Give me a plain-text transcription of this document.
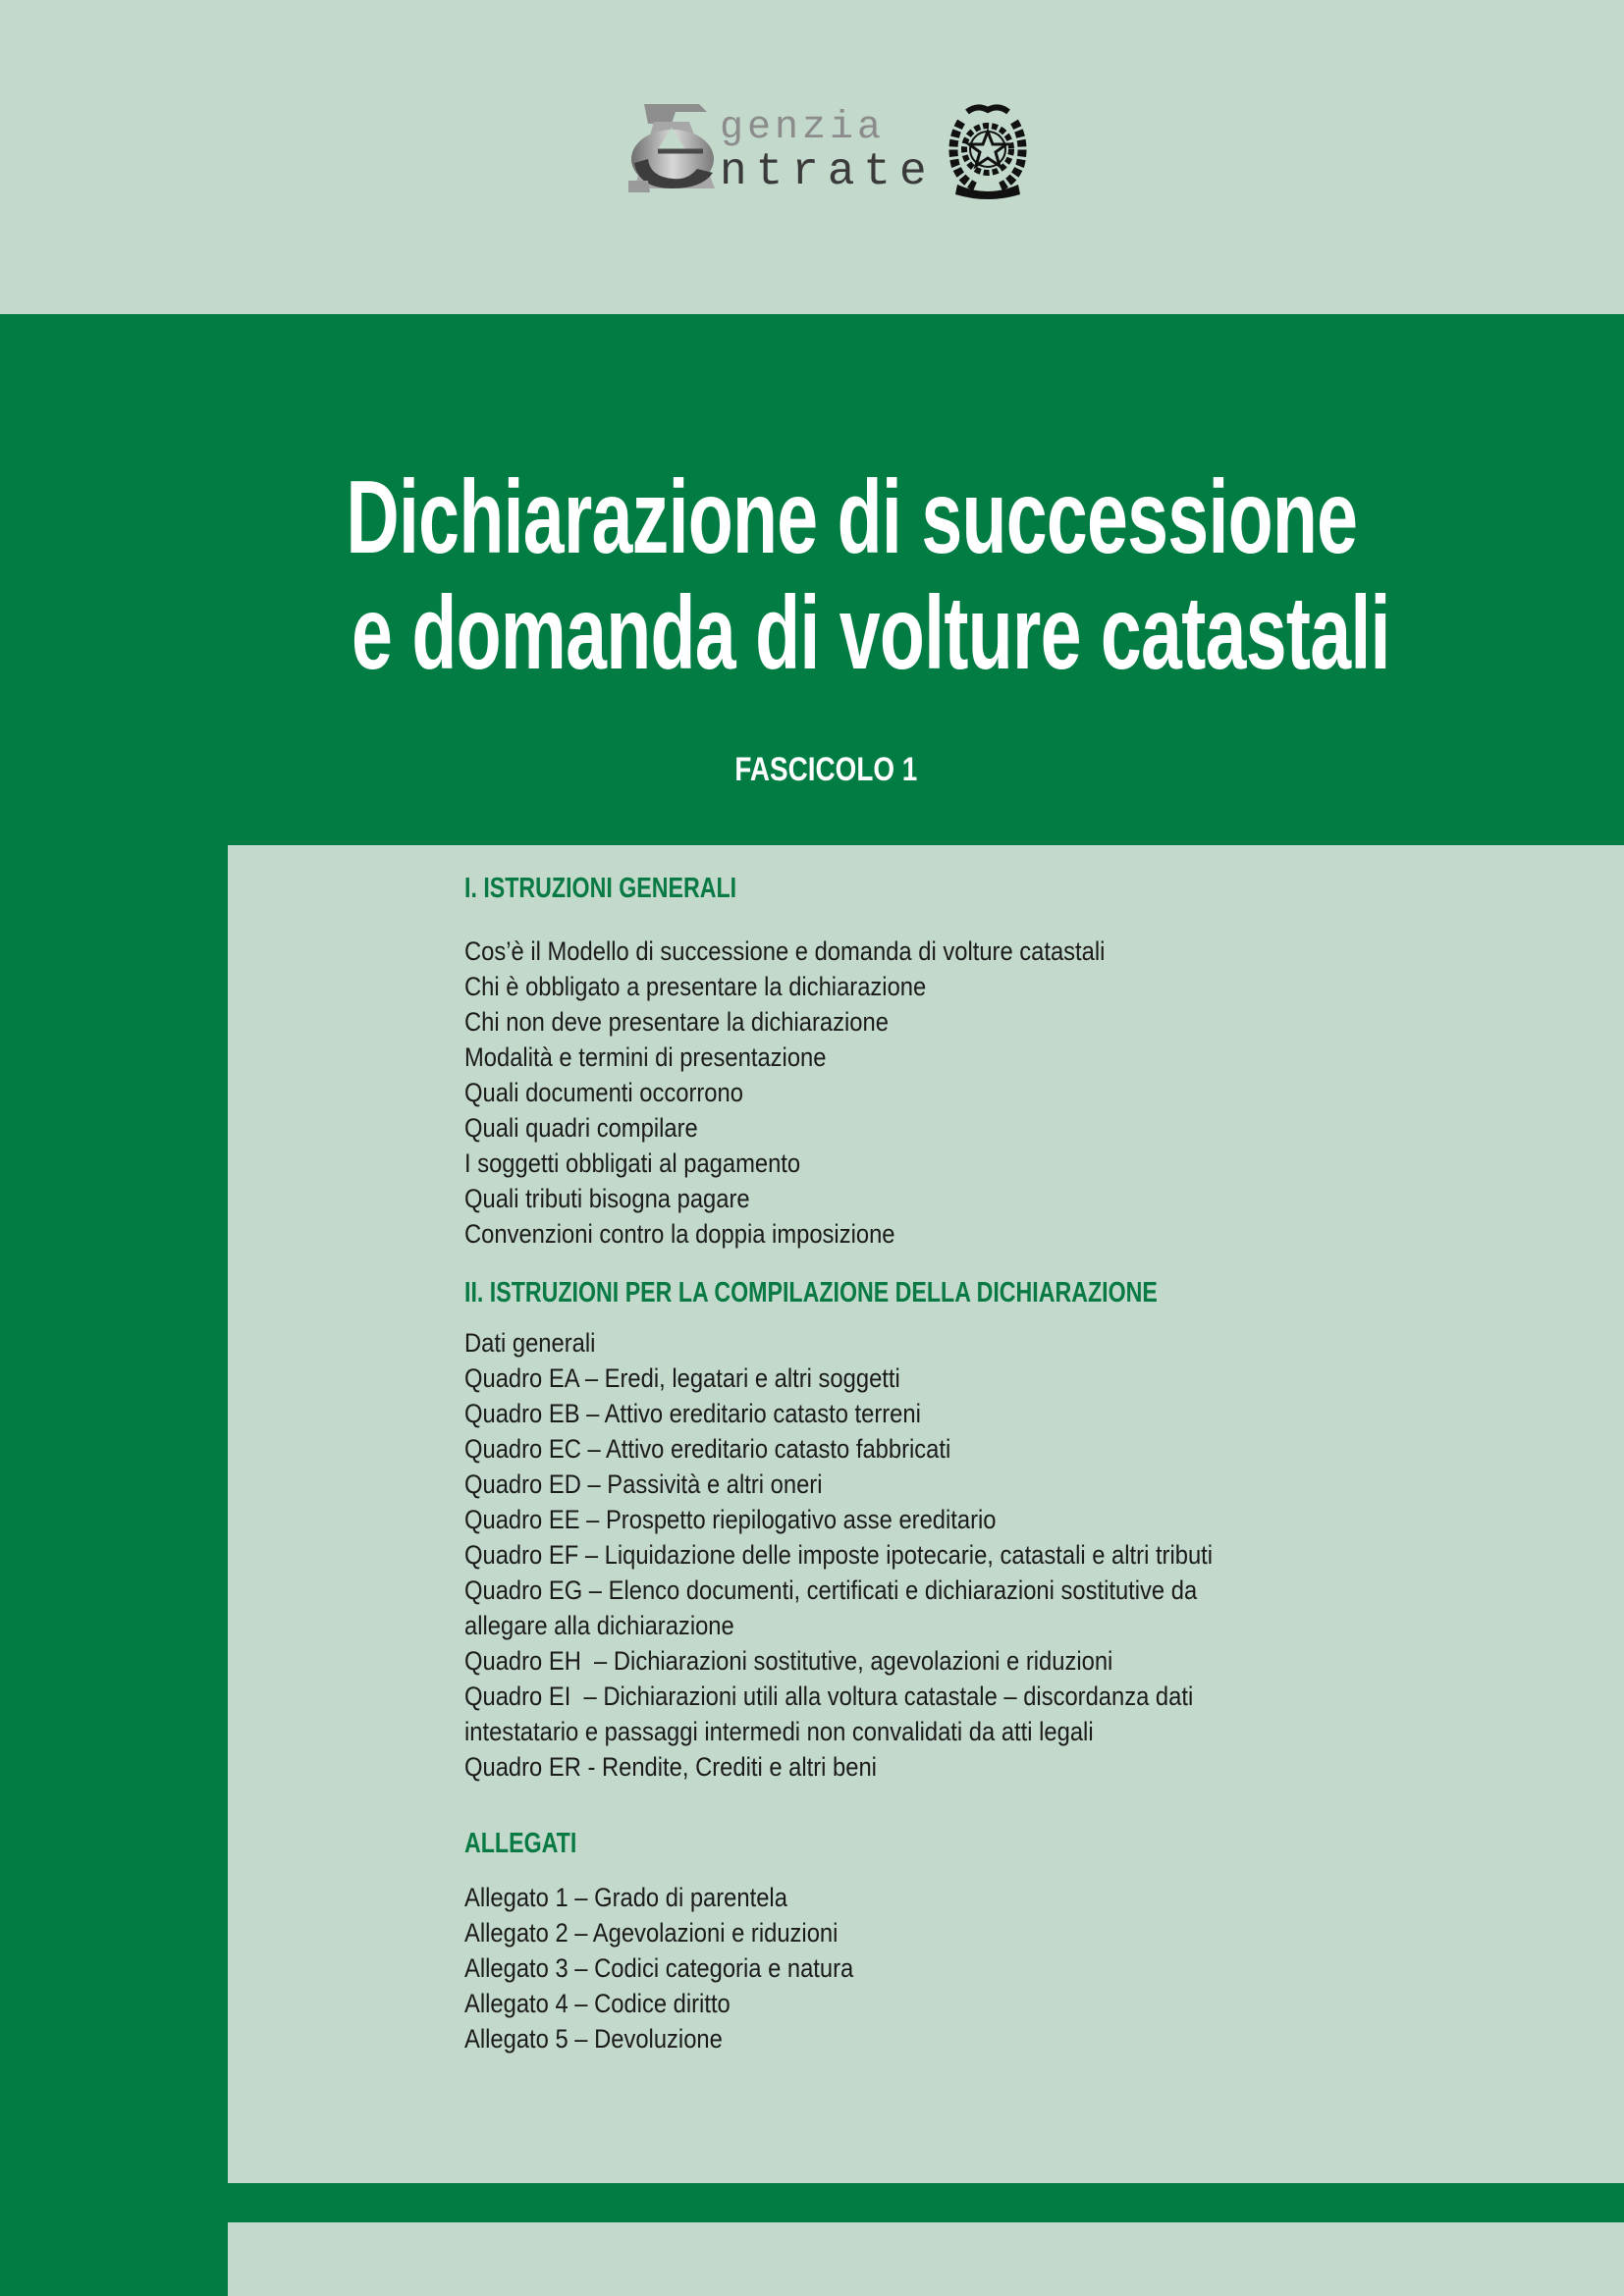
genzia
ntrate
Dichiarazione di successione
e domanda di volture catastali
FASCICOLO 1
I. ISTRUZIONI GENERALI
Cos’è il Modello di successione e domanda di volture catastali
Chi è obbligato a presentare la dichiarazione
Chi non deve presentare la dichiarazione
Modalità e termini di presentazione
Quali documenti occorrono
Quali quadri compilare
I soggetti obbligati al pagamento
Quali tributi bisogna pagare
Convenzioni contro la doppia imposizione
II. ISTRUZIONI PER LA COMPILAZIONE DELLA DICHIARAZIONE
Dati generali
Quadro EA – Eredi, legatari e altri soggetti
Quadro EB – Attivo ereditario catasto terreni
Quadro EC – Attivo ereditario catasto fabbricati
Quadro ED – Passività e altri oneri
Quadro EE – Prospetto riepilogativo asse ereditario
Quadro EF – Liquidazione delle imposte ipotecarie, catastali e altri tributi
Quadro EG – Elenco documenti, certificati e dichiarazioni sostitutive da
allegare alla dichiarazione
Quadro EH  – Dichiarazioni sostitutive, agevolazioni e riduzioni
Quadro EI  – Dichiarazioni utili alla voltura catastale – discordanza dati
intestatario e passaggi intermedi non convalidati da atti legali
Quadro ER - Rendite, Crediti e altri beni
ALLEGATI
Allegato 1 – Grado di parentela
Allegato 2 – Agevolazioni e riduzioni
Allegato 3 – Codici categoria e natura
Allegato 4 – Codice diritto
Allegato 5 – Devoluzione
